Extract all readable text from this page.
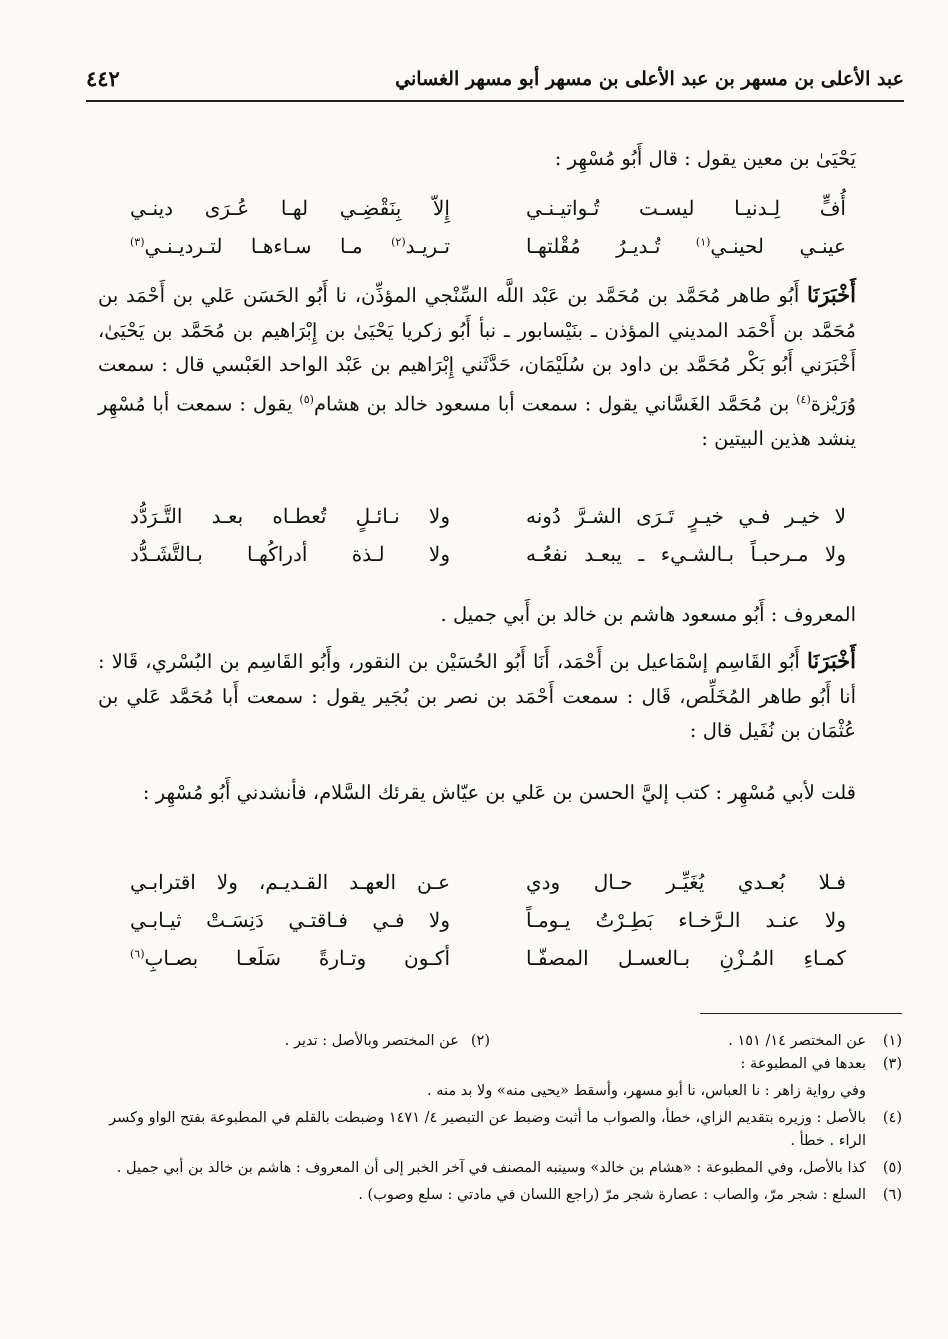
عبد الأعلى بن مسهر بن عبد الأعلى بن مسهر أبو مسهر الغساني
٤٤٢

يَحْيَىٰ بن معين يقول : قال أَبُو مُسْهِر :

أُفٍّ لِـدنيـا ليسـت تُـواتيـنـي
إِلاّ بِنَقْضِـي لهـا عُـرَى دينـي
عينـي لحينـي$^{(١)}$ تُـديـرُ مُقْلتهـا
تـريـد$^{(٢)}$ مـا سـاءهـا لتـرديـنـي$^{(٣)}$

أَخْبَرَنَا أَبُو طاهر مُحَمَّد بن مُحَمَّد بن عَبْد اللَّه السِّنْجي المؤذِّن، نا أَبُو الحَسَن عَلي بن أَحْمَد بن مُحَمَّد بن أَحْمَد المديني المؤذن ـ بنَيْسابور ـ نبأ أَبُو زكريا يَحْيَىٰ بن إِبْرَاهيم بن مُحَمَّد بن يَحْيَىٰ، أَخْبَرَني أَبُو بَكْر مُحَمَّد بن داود بن سُلَيْمَان، حَدَّثَني إِبْرَاهيم بن عَبْد الواحد العَبْسي قال : سمعت وُرَيْزة$^{(٤)}$ بن مُحَمَّد الغَسَّاني يقول : سمعت أبا مسعود خالد بن هشام$^{(٥)}$ يقول : سمعت أبا مُسْهِر ينشد هذين البيتين :

لا خيـر فـي خيـرٍ تَـرَى الشـرَّ دُونه
ولا نـائـلٍ تُعطـاه بعـد التَّـرَدُّد
ولا مـرحبـاً بـالشـيء ـ يبعـد نفعُـه
ولا لـذة أدراكُهـا بـالتَّشَـدُّد

المعروف : أَبُو مسعود هاشم بن خالد بن أَبي جميل .

أَخْبَرَنَا أَبُو القَاسِم إسْمَاعيل بن أَحْمَد، أَنَا أَبُو الحُسَيْن بن النقور، وأَبُو القَاسِم بن البُسْري، قَالا : أنا أَبُو طاهر المُخَلِّص، قَال : سمعت أَحْمَد بن نصر بن بُجَير يقول : سمعت أَبا مُحَمَّد عَلي بن عُثْمَان بن نُفَيل قال :

قلت لأبي مُسْهِر : كتب إليَّ الحسن بن عَلي بن عيّاش يقرئك السَّلام، فأنشدني أَبُو مُسْهِر :

فـلا بُعـدي يُغَيِّـر حـال ودي
عـن العهـد القـديـم، ولا اقترابـي
ولا عنـد الـرَّخـاء بَطِـرْتُ يـومـاً
ولا فـي فـاقتـي دَنِسَـتْ ثيـابـي
كمـاءِ المُـزْنِ بـالعسـل المصفّـا
أكـون وتـارةً سَلَعـا بصـابِ$^{(٦)}$
(١)
عن المختصر ١٤/ ١٥١ .
(٢)عن المختصر وبالأصل : تدير .
(٣)
بعدها في المطبوعة :
وفي رواية زاهر : نا العباس، نا أبو مسهر، وأسقط «يحيى منه» ولا بد منه .
(٤)
بالأصل : وزيره بتقديم الزاي، خطأ، والصواب ما أثبت وضبط عن التبصير ٤/ ١٤٧١ وضبطت بالقلم في المطبوعة بفتح الواو وكسر الراء . خطأ .
(٥)
كذا بالأصل، وفي المطبوعة : «هشام بن خالد» وسينبه المصنف في آخر الخبر إلى أن المعروف : هاشم بن خالد بن أبي جميل .
(٦)
السلع : شجر مرّ، والصاب : عصارة شجر مرّ (راجع اللسان في مادتي : سلع وصوب) .
